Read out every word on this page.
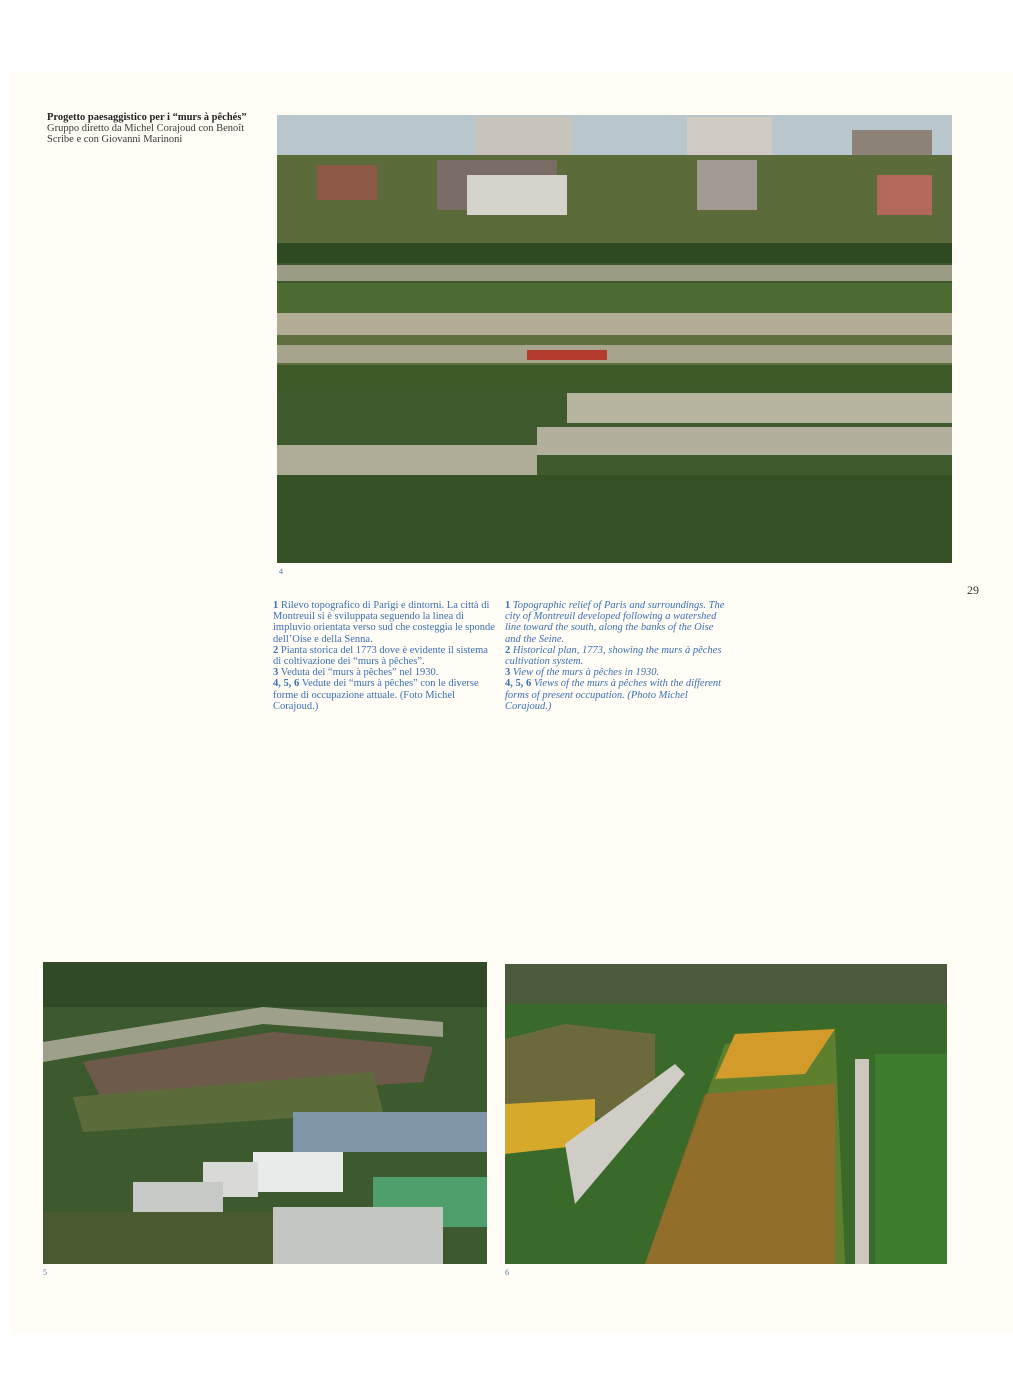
Progetto paesaggistico per i “murs à pêchés”
Gruppo diretto da Michel Corajoud con Benoît Scribe e con Giovanni Marinoni
4
29
1 Rilevo topografico di Parigi e dintorni. La città di Montreuil si è sviluppata seguendo la linea di impluvio orientata verso sud che costeggia le sponde dell’Oise e della Senna.
2 Pianta storica del 1773 dove è evidente il sistema di coltivazione dei “murs à pêches”.
3 Veduta dei “murs à pêches” nel 1930.
4, 5, 6 Vedute dei “murs à pêches” con le diverse forme di occupazione attuale. (Foto Michel Corajoud.)
1 Topographic relief of Paris and surroundings. The city of Montreuil developed following a watershed line toward the south, along the banks of the Oise and the Seine.
2 Historical plan, 1773, showing the murs à pêches cultivation system.
3 View of the murs à pêches in 1930.
4, 5, 6 Views of the murs à pêches with the different forms of present occupation. (Photo Michel Corajoud.)
5	6
